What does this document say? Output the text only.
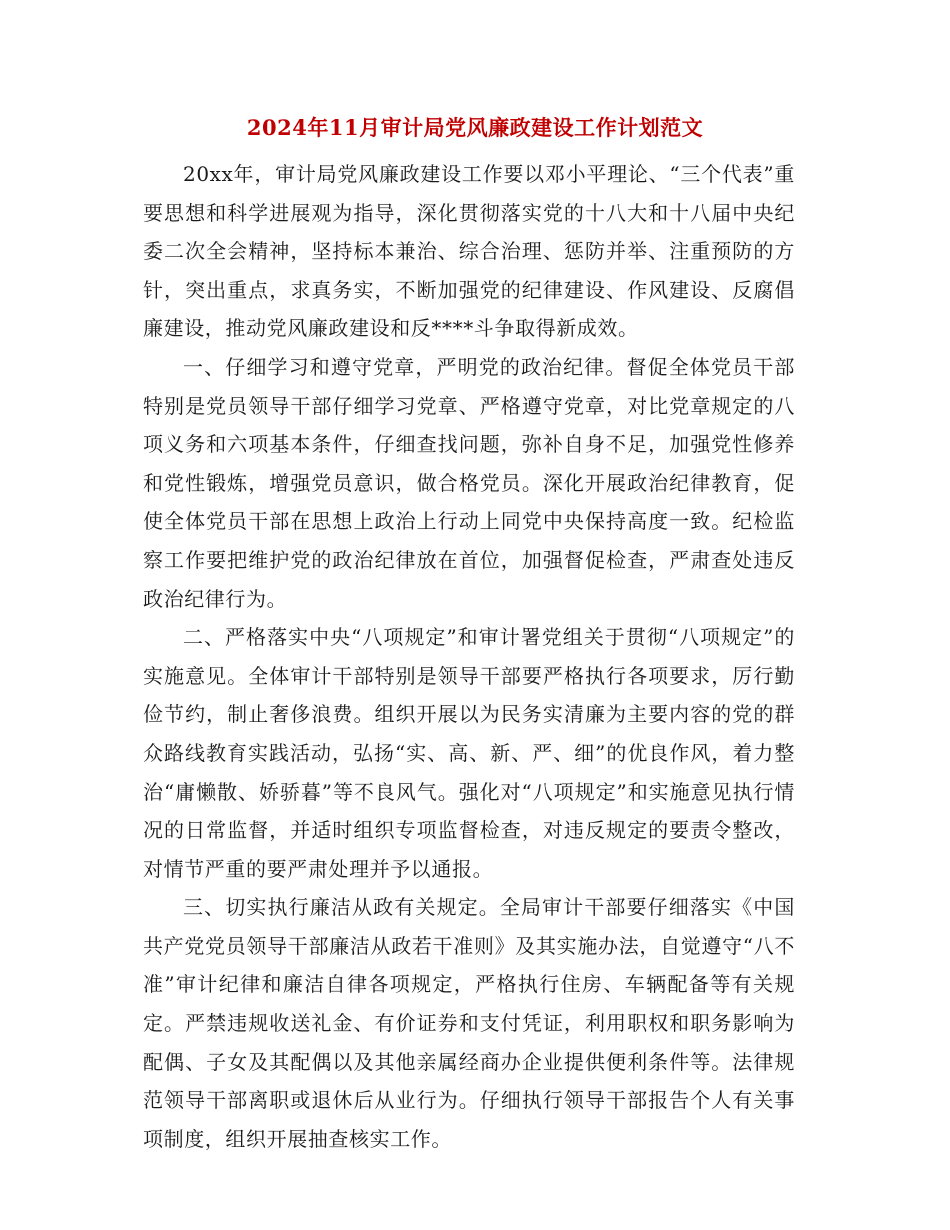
2024年11月审计局党风廉政建设工作计划范文

20xx年，审计局党风廉政建设工作要以邓小平理论、“三个代表”重要思想和科学进展观为指导，深化贯彻落实党的十八大和十八届中央纪委二次全会精神，坚持标本兼治、综合治理、惩防并举、注重预防的方针，突出重点，求真务实，不断加强党的纪律建设、作风建设、反腐倡廉建设，推动党风廉政建设和反****斗争取得新成效。

一、仔细学习和遵守党章，严明党的政治纪律。督促全体党员干部特别是党员领导干部仔细学习党章、严格遵守党章，对比党章规定的八项义务和六项基本条件，仔细查找问题，弥补自身不足，加强党性修养和党性锻炼，增强党员意识，做合格党员。深化开展政治纪律教育，促使全体党员干部在思想上政治上行动上同党中央保持高度一致。纪检监察工作要把维护党的政治纪律放在首位，加强督促检查，严肃查处违反政治纪律行为。

二、严格落实中央“八项规定”和审计署党组关于贯彻“八项规定”的实施意见。全体审计干部特别是领导干部要严格执行各项要求，厉行勤俭节约，制止奢侈浪费。组织开展以为民务实清廉为主要内容的党的群众路线教育实践活动，弘扬“实、高、新、严、细”的优良作风，着力整治“庸懒散、娇骄暮”等不良风气。强化对“八项规定”和实施意见执行情况的日常监督，并适时组织专项监督检查，对违反规定的要责令整改，对情节严重的要严肃处理并予以通报。

三、切实执行廉洁从政有关规定。全局审计干部要仔细落实《中国共产党党员领导干部廉洁从政若干准则》及其实施办法，自觉遵守“八不准”审计纪律和廉洁自律各项规定，严格执行住房、车辆配备等有关规定。严禁违规收送礼金、有价证券和支付凭证，利用职权和职务影响为配偶、子女及其配偶以及其他亲属经商办企业提供便利条件等。法律规范领导干部离职或退休后从业行为。仔细执行领导干部报告个人有关事项制度，组织开展抽查核实工作。
